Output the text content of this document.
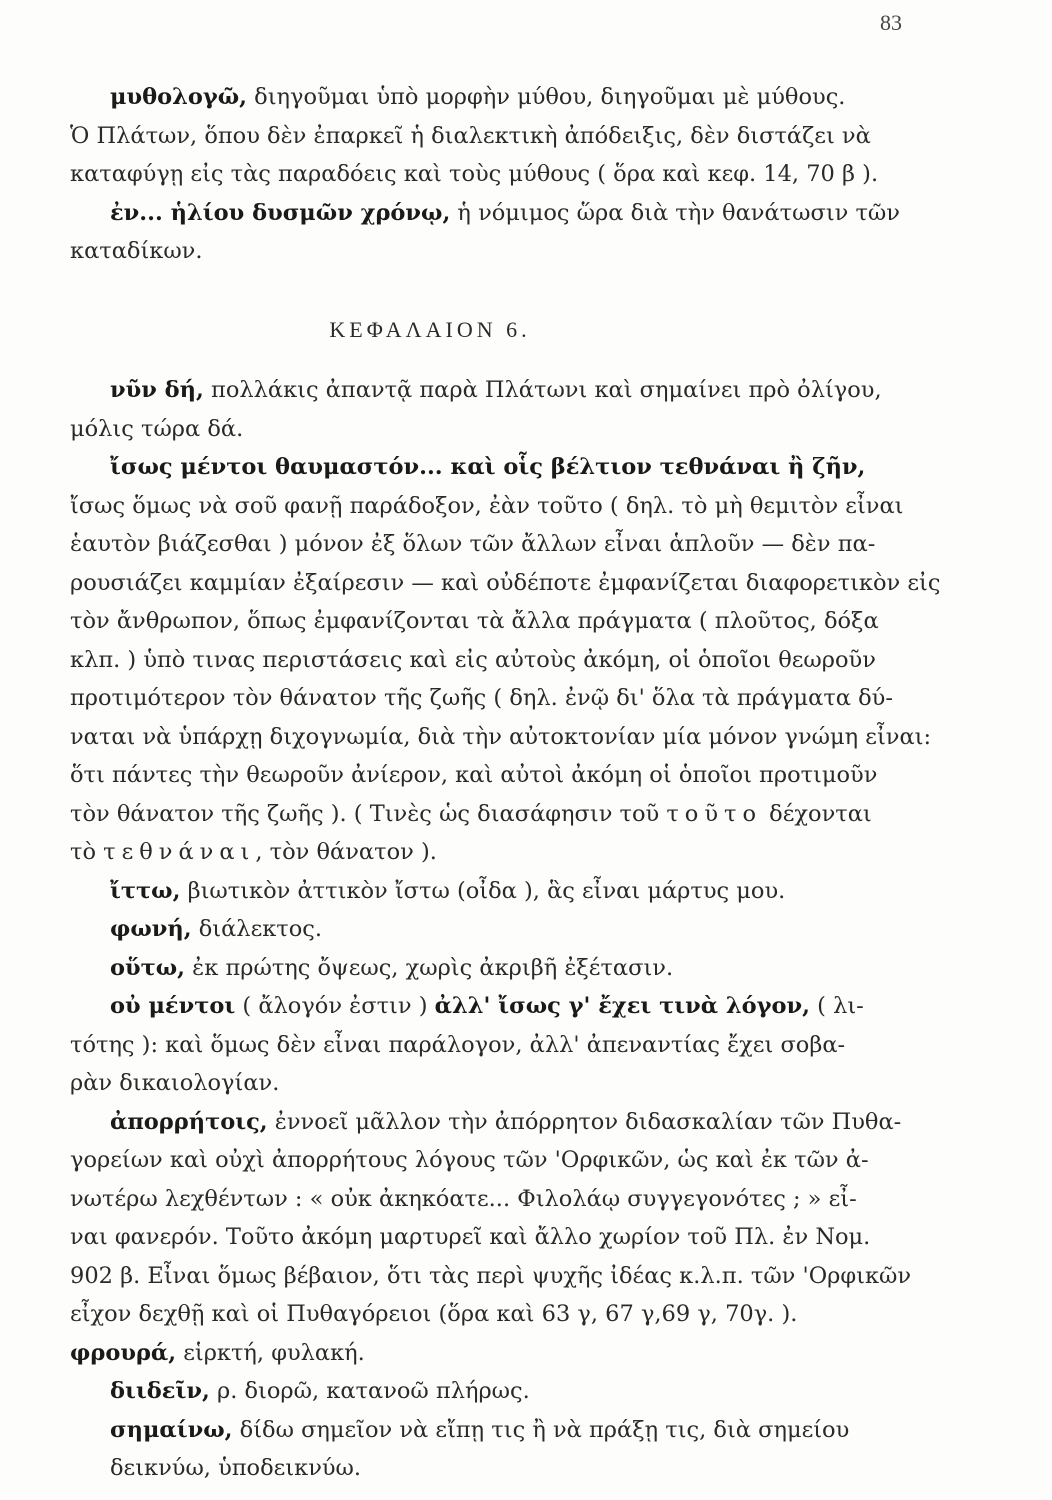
83
μυθολογῶ, διηγοῦμαι ὑπὸ μορφὴν μύθου, διηγοῦμαι μὲ μύθους.
Ὁ Πλάτων, ὅπου δὲν ἐπαρκεῖ ἡ διαλεκτικὴ ἀπόδειξις, δὲν διστάζει νὰ
καταφύγῃ εἰς τὰς παραδόεις καὶ τοὺς μύθους ( ὅρα καὶ κεφ. 14, 70 β ).
ἐν... ἡλίου δυσμῶν χρόνῳ, ἡ νόμιμος ὥρα διὰ τὴν θανάτωσιν τῶν
καταδίκων.
ΚΕΦΑΛΑΙΟΝ 6.
νῦν δή, πολλάκις ἀπαντᾷ παρὰ Πλάτωνι καὶ σημαίνει πρὸ ὀλίγου,
μόλις τώρα δά.
ἴσως μέντοι θαυμαστόν... καὶ οἷς βέλτιον τεθνάναι ἢ ζῆν,
ἴσως ὅμως νὰ σοῦ φανῇ παράδοξον, ἐὰν τοῦτο ( δηλ. τὸ μὴ θεμιτὸν εἶναι
ἑαυτὸν βιάζεσθαι ) μόνον ἐξ ὅλων τῶν ἄλλων εἶναι ἁπλοῦν — δὲν πα-
ρουσιάζει καμμίαν ἐξαίρεσιν — καὶ οὐδέποτε ἐμφανίζεται διαφορετικὸν εἰς
τὸν ἄνθρωπον, ὅπως ἐμφανίζονται τὰ ἄλλα πράγματα ( πλοῦτος, δόξα
κλπ. ) ὑπὸ τινας περιστάσεις καὶ εἰς αὐτοὺς ἀκόμη, οἱ ὁποῖοι θεωροῦν
προτιμότερον τὸν θάνατον τῆς ζωῆς ( δηλ. ἐνῷ δι' ὅλα τὰ πράγματα δύ-
ναται νὰ ὑπάρχῃ διχογνωμία, διὰ τὴν αὐτοκτονίαν μία μόνον γνώμη εἶναι:
ὅτι πάντες τὴν θεωροῦν ἀνίερον, καὶ αὐτοὶ ἀκόμη οἱ ὁποῖοι προτιμοῦν
τὸν θάνατον τῆς ζωῆς ). ( Τινὲς ὡς διασάφησιν τοῦ τοῦτο δέχονται
τὸ τεθνάναι, τὸν θάνατον ).
ἴττω, βιωτικὸν ἀττικὸν ἴστω (οἶδα ), ἃς εἶναι μάρτυς μου.
φωνή, διάλεκτος.
οὕτω, ἐκ πρώτης ὄψεως, χωρὶς ἀκριβῆ ἐξέτασιν.
οὐ μέντοι ( ἄλογόν ἐστιν ) ἀλλ' ἴσως γ' ἔχει τινὰ λόγον, ( λι-
τότης ): καὶ ὅμως δὲν εἶναι παράλογον, ἀλλ' ἀπεναντίας ἔχει σοβα-
ρὰν δικαιολογίαν.
ἀπορρήτοις, ἐννοεῖ μᾶλλον τὴν ἀπόρρητον διδασκαλίαν τῶν Πυθα-
γορείων καὶ οὐχὶ ἀπορρήτους λόγους τῶν 'Ορφικῶν, ὡς καὶ ἐκ τῶν ἀ-
νωτέρω λεχθέντων : « οὐκ ἀκηκόατε... Φιλολάῳ συγγεγονότες ; » εἶ-
ναι φανερόν. Τοῦτο ἀκόμη μαρτυρεῖ καὶ ἄλλο χωρίον τοῦ Πλ. ἐν Νομ.
902 β. Εἶναι ὅμως βέβαιον, ὅτι τὰς περὶ ψυχῆς ἰδέας κ.λ.π. τῶν 'Ορφικῶν
εἶχον δεχθῇ καὶ οἱ Πυθαγόρειοι (ὅρα καὶ 63 γ, 67 γ,69 γ, 70γ. ).
φρουρά, εἱρκτή, φυλακή.
διιδεῖν, ρ. διορῶ, κατανοῶ πλήρως.
σημαίνω, δίδω σημεῖον νὰ εἴπῃ τις ἢ νὰ πράξῃ τις, διὰ σημείου
δεικνύω, ὑποδεικνύω.
